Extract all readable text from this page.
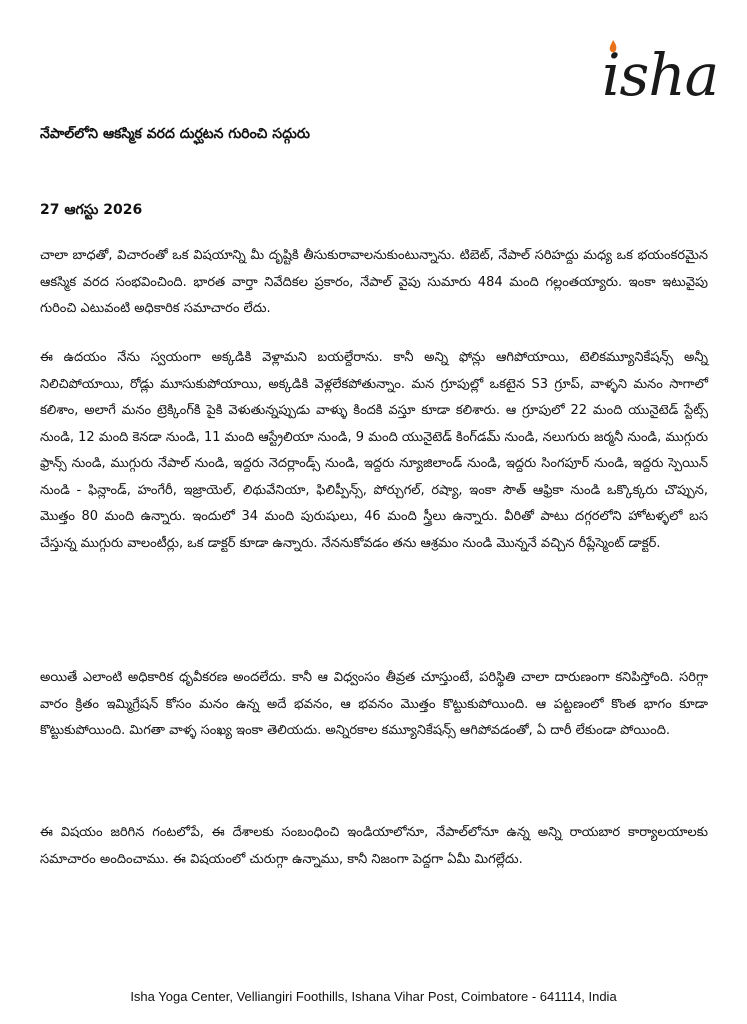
isha
నేపాల్‌లోని ఆకస్మిక వరద దుర్ఘటన గురించి సద్గురు
27 ఆగస్టు 2026

చాలా బాధతో, విచారంతో ఒక విషయాన్ని మీ దృష్టికి తీసుకురావాలనుకుంటున్నాను. టిబెట్, నేపాల్ సరిహద్దు మధ్య ఒక భయంకరమైన ఆకస్మిక వరద సంభవించింది. భారత వార్తా నివేదికల ప్రకారం, నేపాల్ వైపు సుమారు 484 మంది గల్లంతయ్యారు. ఇంకా ఇటువైపు గురించి ఎటువంటి అధికారిక సమాచారం లేదు.

ఈ ఉదయం నేను స్వయంగా అక్కడికి వెళ్లామని బయల్దేరాను. కానీ అన్ని ఫోన్లు ఆగిపోయాయి, టెలికమ్యూనికేషన్స్ అన్నీ నిలిచిపోయాయి, రోడ్లు మూసుకుపోయాయి, అక్కడికి వెళ్లలేకపోతున్నాం. మన గ్రూపుల్లో ఒకటైన S3 గ్రూప్, వాళ్ళని మనం సాగాలో కలిశాం, అలాగే మనం ట్రెక్కింగ్‌కి పైకి వెళుతున్నప్పుడు వాళ్ళు కిందకి వస్తూ కూడా కలిశారు. ఆ గ్రూపులో 22 మంది యునైటెడ్ స్టేట్స్ నుండి, 12 మంది కెనడా నుండి, 11 మంది ఆస్ట్రేలియా నుండి, 9 మంది యునైటెడ్ కింగ్‌డమ్ నుండి, నలుగురు జర్మనీ నుండి, ముగ్గురు ఫ్రాన్స్ నుండి, ముగ్గురు నేపాల్ నుండి, ఇద్దరు నెదర్లాండ్స్ నుండి, ఇద్దరు న్యూజిలాండ్ నుండి, ఇద్దరు సింగపూర్ నుండి, ఇద్దరు స్పెయిన్ నుండి - ఫిన్లాండ్, హంగేరీ, ఇజ్రాయెల్, లిథువేనియా, ఫిలిప్పీన్స్, పోర్చుగల్, రష్యా, ఇంకా సౌత్ ఆఫ్రికా నుండి ఒక్కొక్కరు చొప్పున, మొత్తం 80 మంది ఉన్నారు. ఇందులో 34 మంది పురుషులు, 46 మంది స్త్రీలు ఉన్నారు. వీరితో పాటు దగ్గరలోని హోటళ్ళలో బస చేస్తున్న ముగ్గురు వాలంటీర్లు, ఒక డాక్టర్ కూడా ఉన్నారు. నేననుకోవడం తను ఆశ్రమం నుండి మొన్ననే వచ్చిన రీప్లేస్మెంట్ డాక్టర్.

అయితే ఎలాంటి అధికారిక ధృవీకరణ అందలేదు. కానీ ఆ విధ్వంసం తీవ్రత చూస్తుంటే, పరిస్థితి చాలా దారుణంగా కనిపిస్తోంది. సరిగ్గా వారం క్రితం ఇమ్మిగ్రేషన్ కోసం మనం ఉన్న అదే భవనం, ఆ భవనం మొత్తం కొట్టుకుపోయింది. ఆ పట్టణంలో కొంత భాగం కూడా కొట్టుకుపోయింది. మిగతా వాళ్ళ సంఖ్య ఇంకా తెలియదు. అన్నిరకాల కమ్యూనికేషన్స్ ఆగిపోవడంతో, ఏ దారీ లేకుండా పోయింది.

ఈ విషయం జరిగిన గంటలోపే, ఈ దేశాలకు సంబంధించి ఇండియాలోనూ, నేపాల్‌లోనూ ఉన్న అన్ని రాయబార కార్యాలయాలకు సమాచారం అందించాము. ఈ విషయంలో చురుగ్గా ఉన్నాము, కానీ నిజంగా పెద్దగా ఏమీ మిగల్లేదు.

Isha Yoga Center, Velliangiri Foothills, Ishana Vihar Post, Coimbatore - 641114, India
